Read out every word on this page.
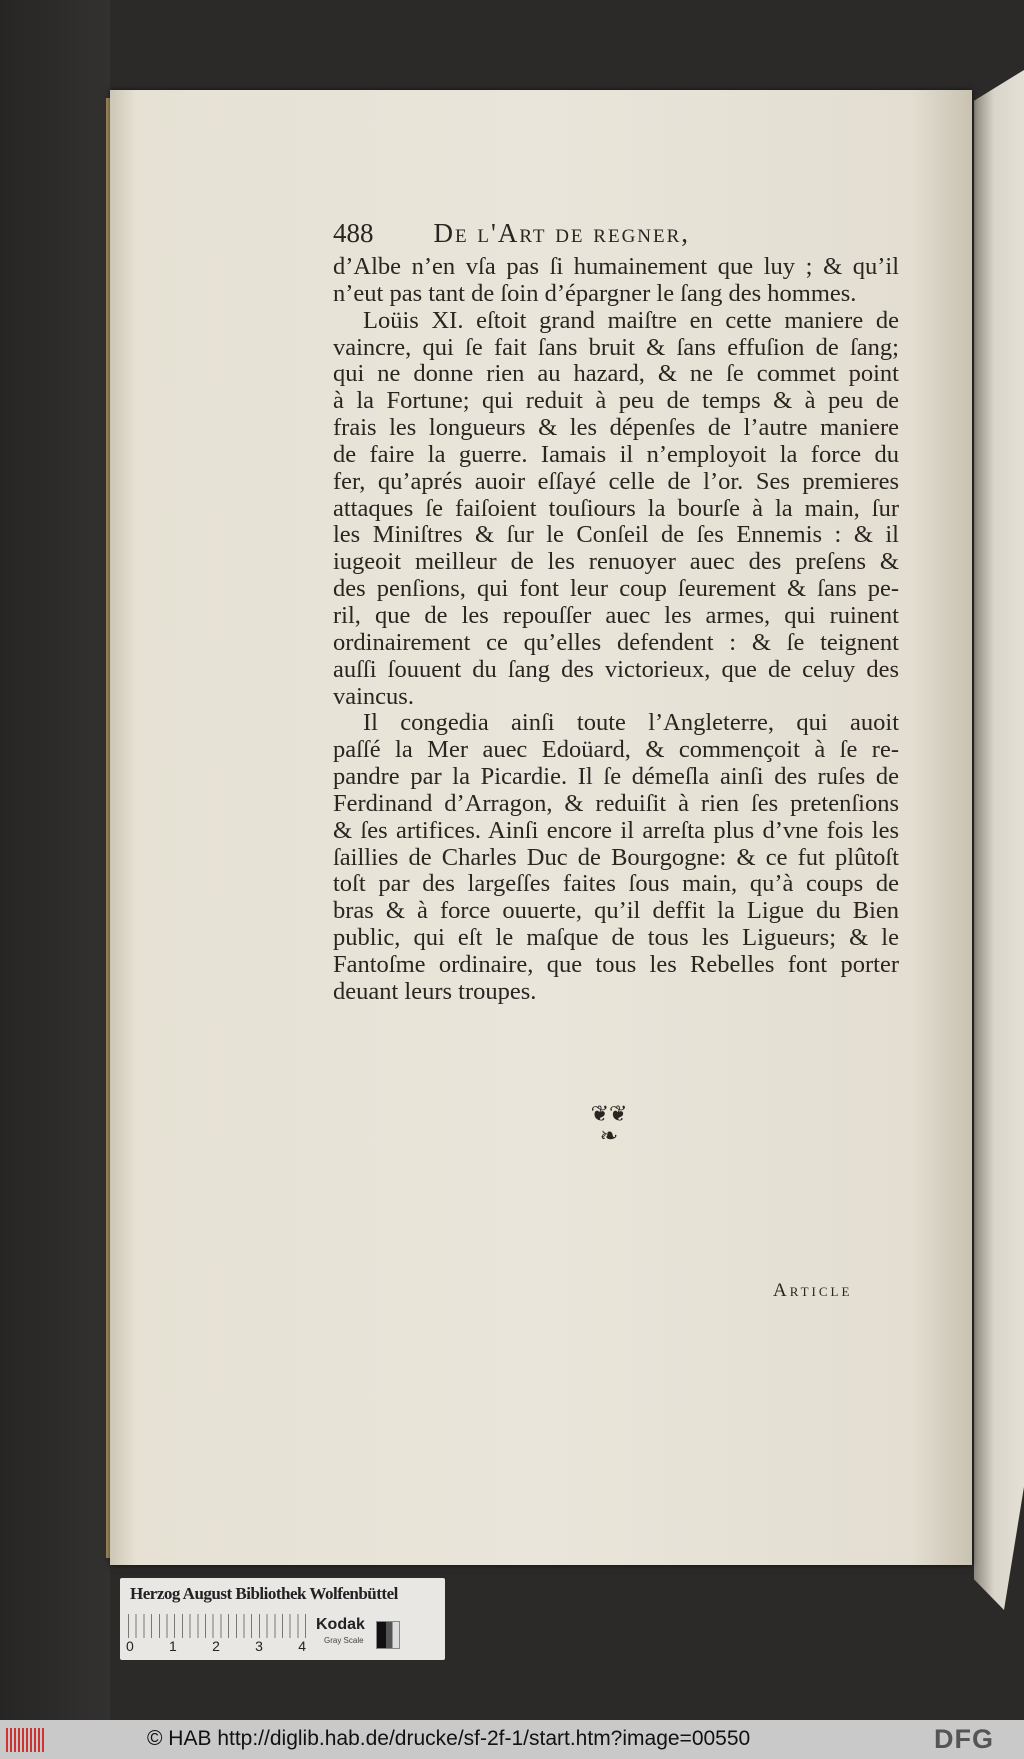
488 De l'Art de regner,
d’Albe n’en vſa pas ſi humainement que luy ; & qu’il
n’eut pas tant de ſoin d’épargner le ſang des hommes.
Loüis XI. eſtoit grand maiſtre en cette maniere de
vaincre, qui ſe fait ſans bruit & ſans effuſion de ſang;
qui ne donne rien au hazard, & ne ſe commet point
à la Fortune; qui reduit à peu de temps & à peu de
frais les longueurs & les dépenſes de l’autre maniere
de faire la guerre. Iamais il n’employoit la force du
fer, qu’aprés auoir eſſayé celle de l’or. Ses premieres
attaques ſe faiſoient touſiours la bourſe à la main, ſur
les Miniſtres & ſur le Conſeil de ſes Ennemis : & il
iugeoit meilleur de les renuoyer auec des preſens &
des penſions, qui font leur coup ſeurement & ſans pe-
ril, que de les repouſſer auec les armes, qui ruinent
ordinairement ce qu’elles defendent : & ſe teignent
auſſi ſouuent du ſang des victorieux, que de celuy des
vaincus.
Il congedia ainſi toute l’Angleterre, qui auoit
paſſé la Mer auec Edoüard, & commençoit à ſe re-
pandre par la Picardie. Il ſe démeſla ainſi des ruſes de
Ferdinand d’Arragon, & reduiſit à rien ſes pretenſions
& ſes artifices. Ainſi encore il arreſta plus d’vne fois les
ſaillies de Charles Duc de Bourgogne: & ce fut plûtoſt
toſt par des largeſſes faites ſous main, qu’à coups de
bras & à force ouuerte, qu’il deffit la Ligue du Bien
public, qui eſt le maſque de tous les Ligueurs; & le
Fantoſme ordinaire, que tous les Rebelles font porter
deuant leurs troupes.
❦❦
❧
Article
Herzog August Bibliothek Wolfenbüttel
0	1	2	3	4
Kodak
Gray Scale
© HAB http://diglib.hab.de/drucke/sf-2f-1/start.htm?image=00550	DFG
